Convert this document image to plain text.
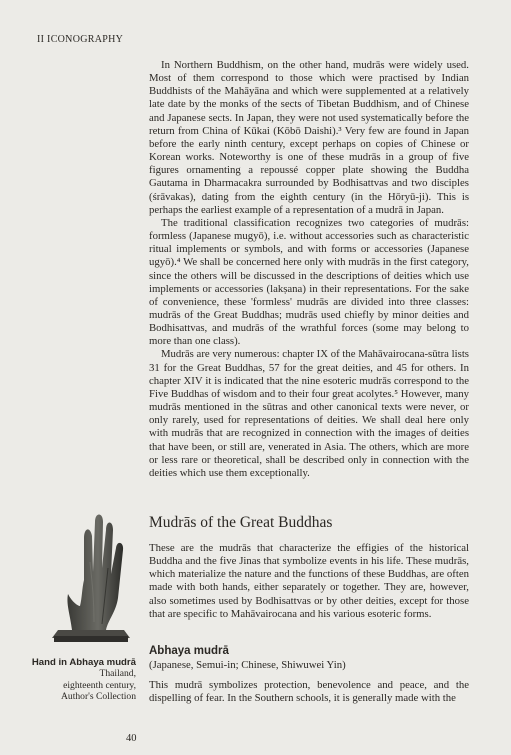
II ICONOGRAPHY

In Northern Buddhism, on the other hand, mudrās were widely used. Most of them correspond to those which were practised by Indian Buddhists of the Mahāyāna and which were supplemented at a relatively late date by the monks of the sects of Tibetan Buddhism, and of Chinese and Japanese sects. In Japan, they were not used systematically before the return from China of Kūkai (Kōbō Daishi).³ Very few are found in Japan before the early ninth century, except perhaps on copies of Chinese or Korean works. Noteworthy is one of these mudrās in a group of five figures ornamenting a repoussé copper plate showing the Buddha Gautama in Dharmacakra surrounded by Bodhisattvas and two disciples (śrāvakas), dating from the eighth century (in the Hōryū-ji). This is perhaps the earliest example of a representation of a mudrā in Japan.

The traditional classification recognizes two categories of mudrās: formless (Japanese mugyō), i.e. without accessories such as characteristic ritual implements or symbols, and with forms or accessories (Japanese ugyō).⁴ We shall be concerned here only with mudrās in the first category, since the others will be discussed in the descriptions of deities which use implements or accessories (lakṣana) in their representations. For the sake of convenience, these 'formless' mudrās are divided into three classes: mudrās of the Great Buddhas; mudrās used chiefly by minor deities and Bodhisattvas, and mudrās of the wrathful forces (some may belong to more than one class).

Mudrās are very numerous: chapter IX of the Mahāvairocana-sūtra lists 31 for the Great Buddhas, 57 for the great deities, and 45 for others. In chapter XIV it is indicated that the nine esoteric mudrās correspond to the Five Buddhas of wisdom and to their four great acolytes.⁵ However, many mudrās mentioned in the sūtras and other canonical texts were never, or only rarely, used for representations of deities. We shall deal here only with mudrās that are recognized in connection with the images of deities that have been, or still are, venerated in Asia. The others, which are more or less rare or theoretical, shall be described only in connection with the deities which use them exceptionally.

Mudrās of the Great Buddhas

These are the mudrās that characterize the effigies of the historical Buddha and the five Jinas that symbolize events in his life. These mudrās, which materialize the nature and the functions of these Buddhas, are often made with both hands, either separately or together. They are, however, also sometimes used by Bodhisattvas or by other deities, except for those that are specific to Mahāvairocana and his various esoteric forms.

Abhaya mudrā

(Japanese, Semui-in; Chinese, Shiwuwei Yin)

This mudrā symbolizes protection, benevolence and peace, and the dispelling of fear. In the Southern schools, it is generally made with the

Hand in Abhaya mudrā
Thailand,
eighteenth century,
Author's Collection
40
